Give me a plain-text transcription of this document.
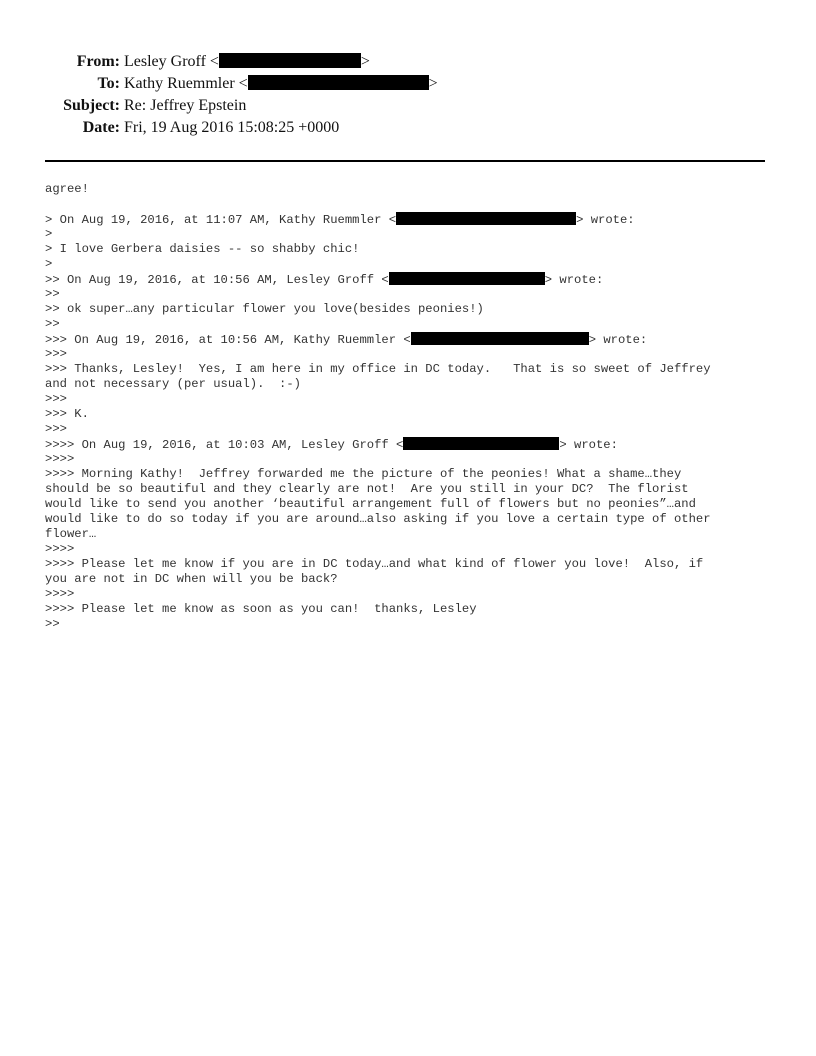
From: Lesley Groff <	>
To: Kathy Ruemmler <	>
Subject: Re: Jeffrey Epstein
Date: Fri, 19 Aug 2016 15:08:25 +0000
agree!
> On Aug 19, 2016, at 11:07 AM, Kathy Ruemmler <	> wrote:
>
> I love Gerbera daisies -- so shabby chic!
>
>> On Aug 19, 2016, at 10:56 AM, Lesley Groff <	> wrote:
>>
>> ok super…any particular flower you love(besides peonies!)
>>
>>> On Aug 19, 2016, at 10:56 AM, Kathy Ruemmler <	> wrote:
>>>
>>> Thanks, Lesley!  Yes, I am here in my office in DC today.   That is so sweet of Jeffrey
and not necessary (per usual).  :-)
>>>
>>> K.
>>>
>>>> On Aug 19, 2016, at 10:03 AM, Lesley Groff <	> wrote:
>>>>
>>>> Morning Kathy!  Jeffrey forwarded me the picture of the peonies! What a shame…they
should be so beautiful and they clearly are not!  Are you still in your DC?  The florist
would like to send you another ‘beautiful arrangement full of flowers but no peonies”…and
would like to do so today if you are around…also asking if you love a certain type of other
flower…
>>>>
>>>> Please let me know if you are in DC today…and what kind of flower you love!  Also, if
you are not in DC when will you be back?
>>>>
>>>> Please let me know as soon as you can!  thanks, Lesley
>>
